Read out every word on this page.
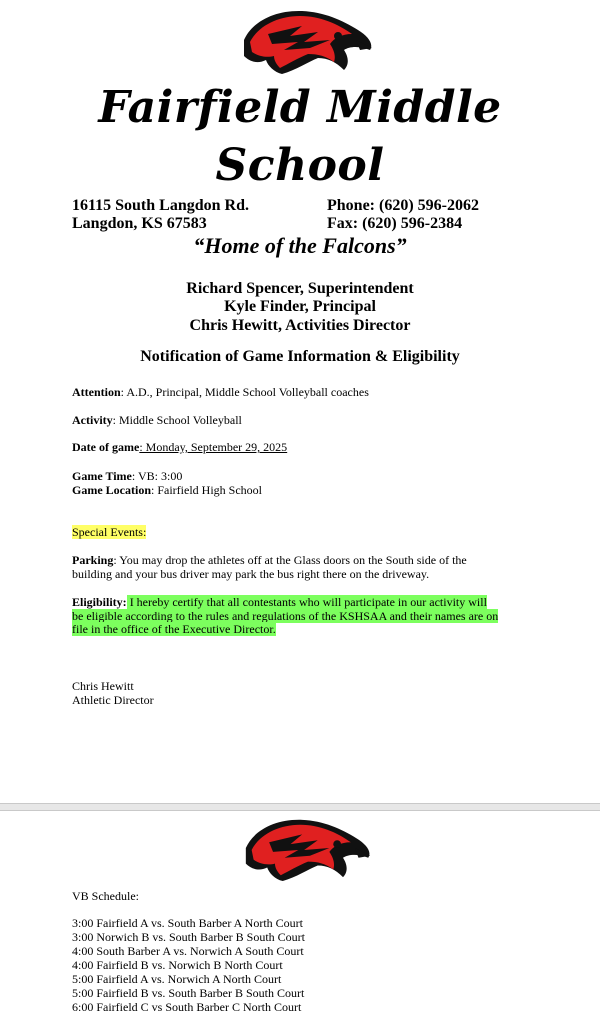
Fairfield Middle
School
16115 South Langdon Rd.
Langdon, KS 67583
Phone: (620) 596-2062
Fax: (620) 596-2384
“Home of the Falcons”
Richard Spencer, Superintendent
Kyle Finder, Principal
Chris Hewitt, Activities Director
Notification of Game Information & Eligibility
Attention: A.D., Principal, Middle School Volleyball coaches
Activity: Middle School Volleyball
Date of game: Monday, September 29, 2025
Game Time: VB: 3:00
Game Location: Fairfield High School
Special Events:
Parking: You may drop the athletes off at the Glass doors on the South side of the
building and your bus driver may park the bus right there on the driveway.
Eligibility: I hereby certify that all contestants who will participate in our activity will
be eligible according to the rules and regulations of the KSHSAA and their names are on
file in the office of the Executive Director.
Chris Hewitt
Athletic Director
VB Schedule:
3:00 Fairfield A vs. South Barber A North Court
3:00 Norwich B vs. South Barber B South Court
4:00 South Barber A vs. Norwich A South Court
4:00 Fairfield B vs. Norwich B North Court
5:00 Fairfield A vs. Norwich A North Court
5:00 Fairfield B vs. South Barber B South Court
6:00 Fairfield C vs South Barber C North Court
